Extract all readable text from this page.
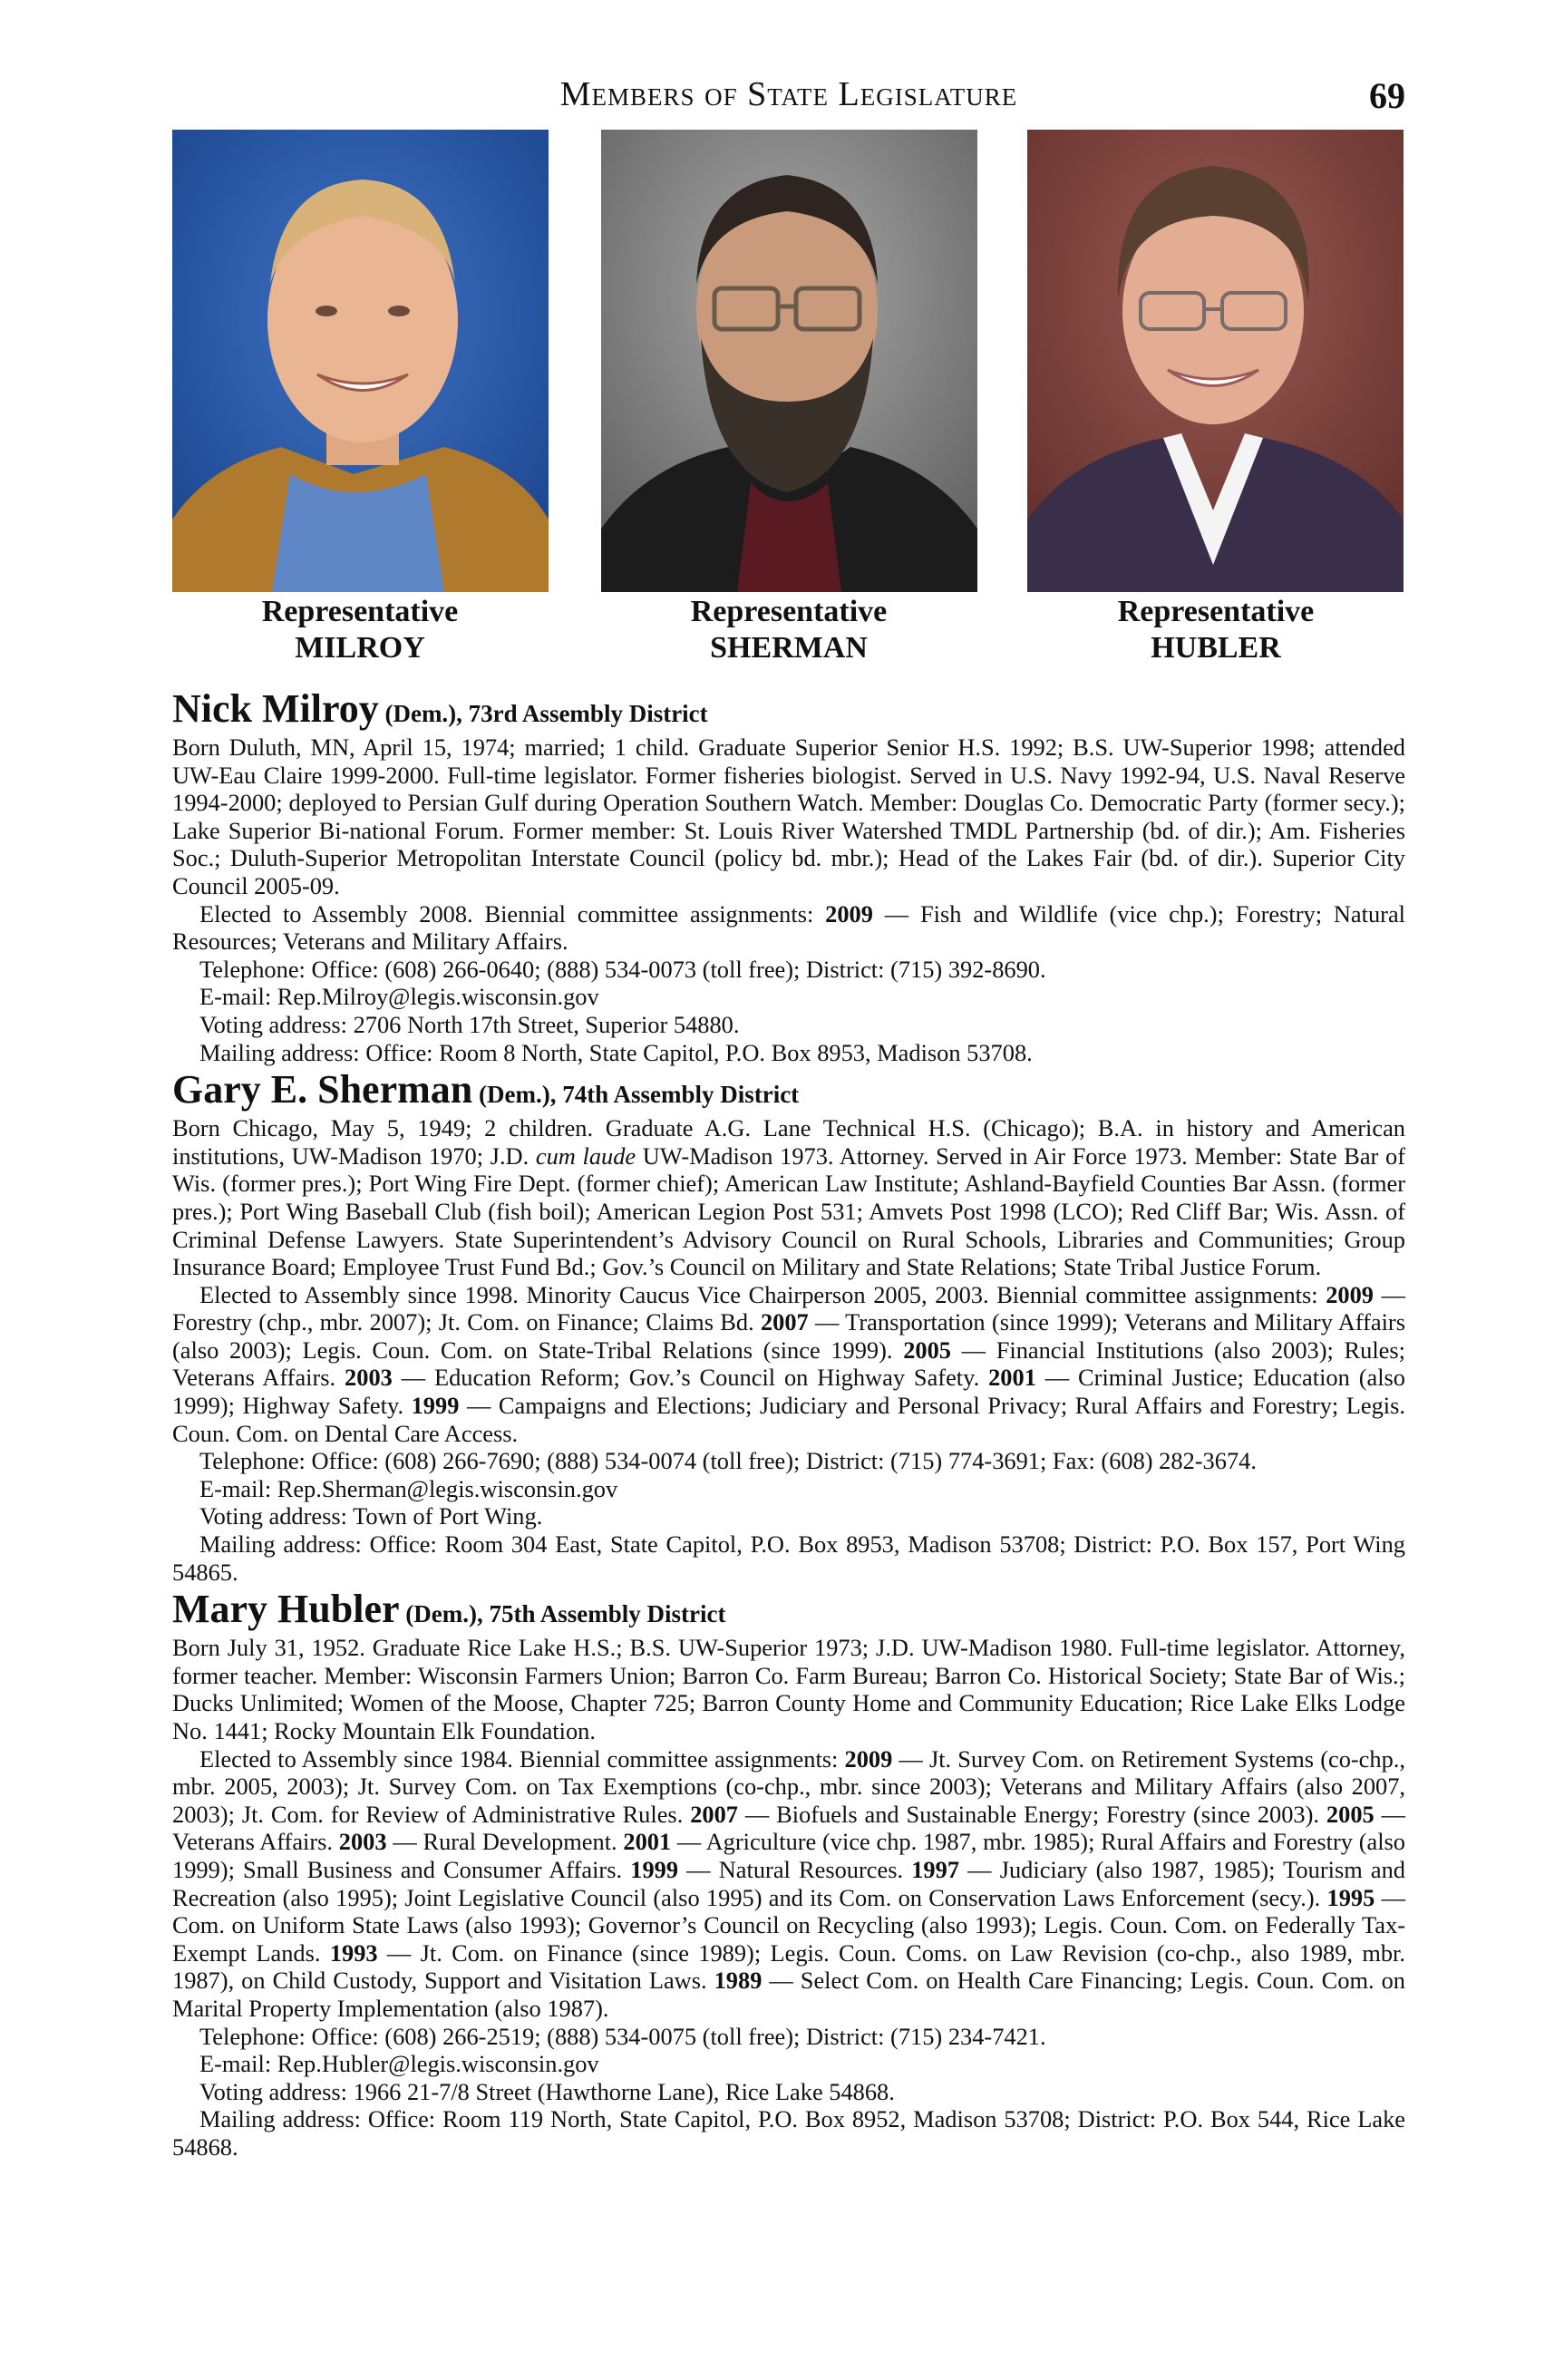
Members of State Legislature	69
Representative
MILROY
Representative
SHERMAN
Representative
HUBLER
Nick Milroy (Dem.), 73rd Assembly District

Born Duluth, MN, April 15, 1974; married; 1 child. Graduate Superior Senior H.S. 1992; B.S. UW-Superior 1998; attended UW-Eau Claire 1999-2000. Full-time legislator. Former fisheries biologist. Served in U.S. Navy 1992-94, U.S. Naval Reserve 1994-2000; deployed to Persian Gulf during Operation Southern Watch. Member: Douglas Co. Democratic Party (former secy.); Lake Superior Bi-national Forum. Former member: St. Louis River Watershed TMDL Partnership (bd. of dir.); Am. Fisheries Soc.; Duluth-Superior Metropolitan Interstate Council (policy bd. mbr.); Head of the Lakes Fair (bd. of dir.). Superior City Council 2005-09.

Elected to Assembly 2008. Biennial committee assignments: 2009 — Fish and Wildlife (vice chp.); Forestry; Natural Resources; Veterans and Military Affairs.

Telephone: Office: (608) 266-0640; (888) 534-0073 (toll free); District: (715) 392-8690.

E-mail: Rep.Milroy@legis.wisconsin.gov

Voting address: 2706 North 17th Street, Superior 54880.

Mailing address: Office: Room 8 North, State Capitol, P.O. Box 8953, Madison 53708.

Gary E. Sherman (Dem.), 74th Assembly District

Born Chicago, May 5, 1949; 2 children. Graduate A.G. Lane Technical H.S. (Chicago); B.A. in history and American institutions, UW-Madison 1970; J.D. cum laude UW-Madison 1973. Attorney. Served in Air Force 1973. Member: State Bar of Wis. (former pres.); Port Wing Fire Dept. (former chief); American Law Institute; Ashland-Bayfield Counties Bar Assn. (former pres.); Port Wing Baseball Club (fish boil); American Legion Post 531; Amvets Post 1998 (LCO); Red Cliff Bar; Wis. Assn. of Criminal Defense Lawyers. State Superintendent’s Advisory Council on Rural Schools, Libraries and Communities; Group Insurance Board; Employee Trust Fund Bd.; Gov.’s Council on Military and State Relations; State Tribal Justice Forum.

Elected to Assembly since 1998. Minority Caucus Vice Chairperson 2005, 2003. Biennial committee assignments: 2009 — Forestry (chp., mbr. 2007); Jt. Com. on Finance; Claims Bd. 2007 — Transportation (since 1999); Veterans and Military Affairs (also 2003); Legis. Coun. Com. on State-Tribal Relations (since 1999). 2005 — Financial Institutions (also 2003); Rules; Veterans Affairs. 2003 — Education Reform; Gov.’s Council on Highway Safety. 2001 — Criminal Justice; Education (also 1999); Highway Safety. 1999 — Campaigns and Elections; Judiciary and Personal Privacy; Rural Affairs and Forestry; Legis. Coun. Com. on Dental Care Access.

Telephone: Office: (608) 266-7690; (888) 534-0074 (toll free); District: (715) 774-3691; Fax: (608) 282-3674.

E-mail: Rep.Sherman@legis.wisconsin.gov

Voting address: Town of Port Wing.

Mailing address: Office: Room 304 East, State Capitol, P.O. Box 8953, Madison 53708; District: P.O. Box 157, Port Wing 54865.

Mary Hubler (Dem.), 75th Assembly District

Born July 31, 1952. Graduate Rice Lake H.S.; B.S. UW-Superior 1973; J.D. UW-Madison 1980. Full-time legislator. Attorney, former teacher. Member: Wisconsin Farmers Union; Barron Co. Farm Bureau; Barron Co. Historical Society; State Bar of Wis.; Ducks Unlimited; Women of the Moose, Chapter 725; Barron County Home and Community Education; Rice Lake Elks Lodge No. 1441; Rocky Mountain Elk Foundation.

Elected to Assembly since 1984. Biennial committee assignments: 2009 — Jt. Survey Com. on Retirement Systems (co-chp., mbr. 2005, 2003); Jt. Survey Com. on Tax Exemptions (co-chp., mbr. since 2003); Veterans and Military Affairs (also 2007, 2003); Jt. Com. for Review of Administrative Rules. 2007 — Biofuels and Sustainable Energy; Forestry (since 2003). 2005 — Veterans Affairs. 2003 — Rural Development. 2001 — Agriculture (vice chp. 1987, mbr. 1985); Rural Affairs and Forestry (also 1999); Small Business and Consumer Affairs. 1999 — Natural Resources. 1997 — Judiciary (also 1987, 1985); Tourism and Recreation (also 1995); Joint Legislative Council (also 1995) and its Com. on Conservation Laws Enforcement (secy.). 1995 — Com. on Uniform State Laws (also 1993); Governor’s Council on Recycling (also 1993); Legis. Coun. Com. on Federally Tax-Exempt Lands. 1993 — Jt. Com. on Finance (since 1989); Legis. Coun. Coms. on Law Revision (co-chp., also 1989, mbr. 1987), on Child Custody, Support and Visitation Laws. 1989 — Select Com. on Health Care Financing; Legis. Coun. Com. on Marital Property Implementation (also 1987).

Telephone: Office: (608) 266-2519; (888) 534-0075 (toll free); District: (715) 234-7421.

E-mail: Rep.Hubler@legis.wisconsin.gov

Voting address: 1966 21-7/8 Street (Hawthorne Lane), Rice Lake 54868.

Mailing address: Office: Room 119 North, State Capitol, P.O. Box 8952, Madison 53708; District: P.O. Box 544, Rice Lake 54868.
